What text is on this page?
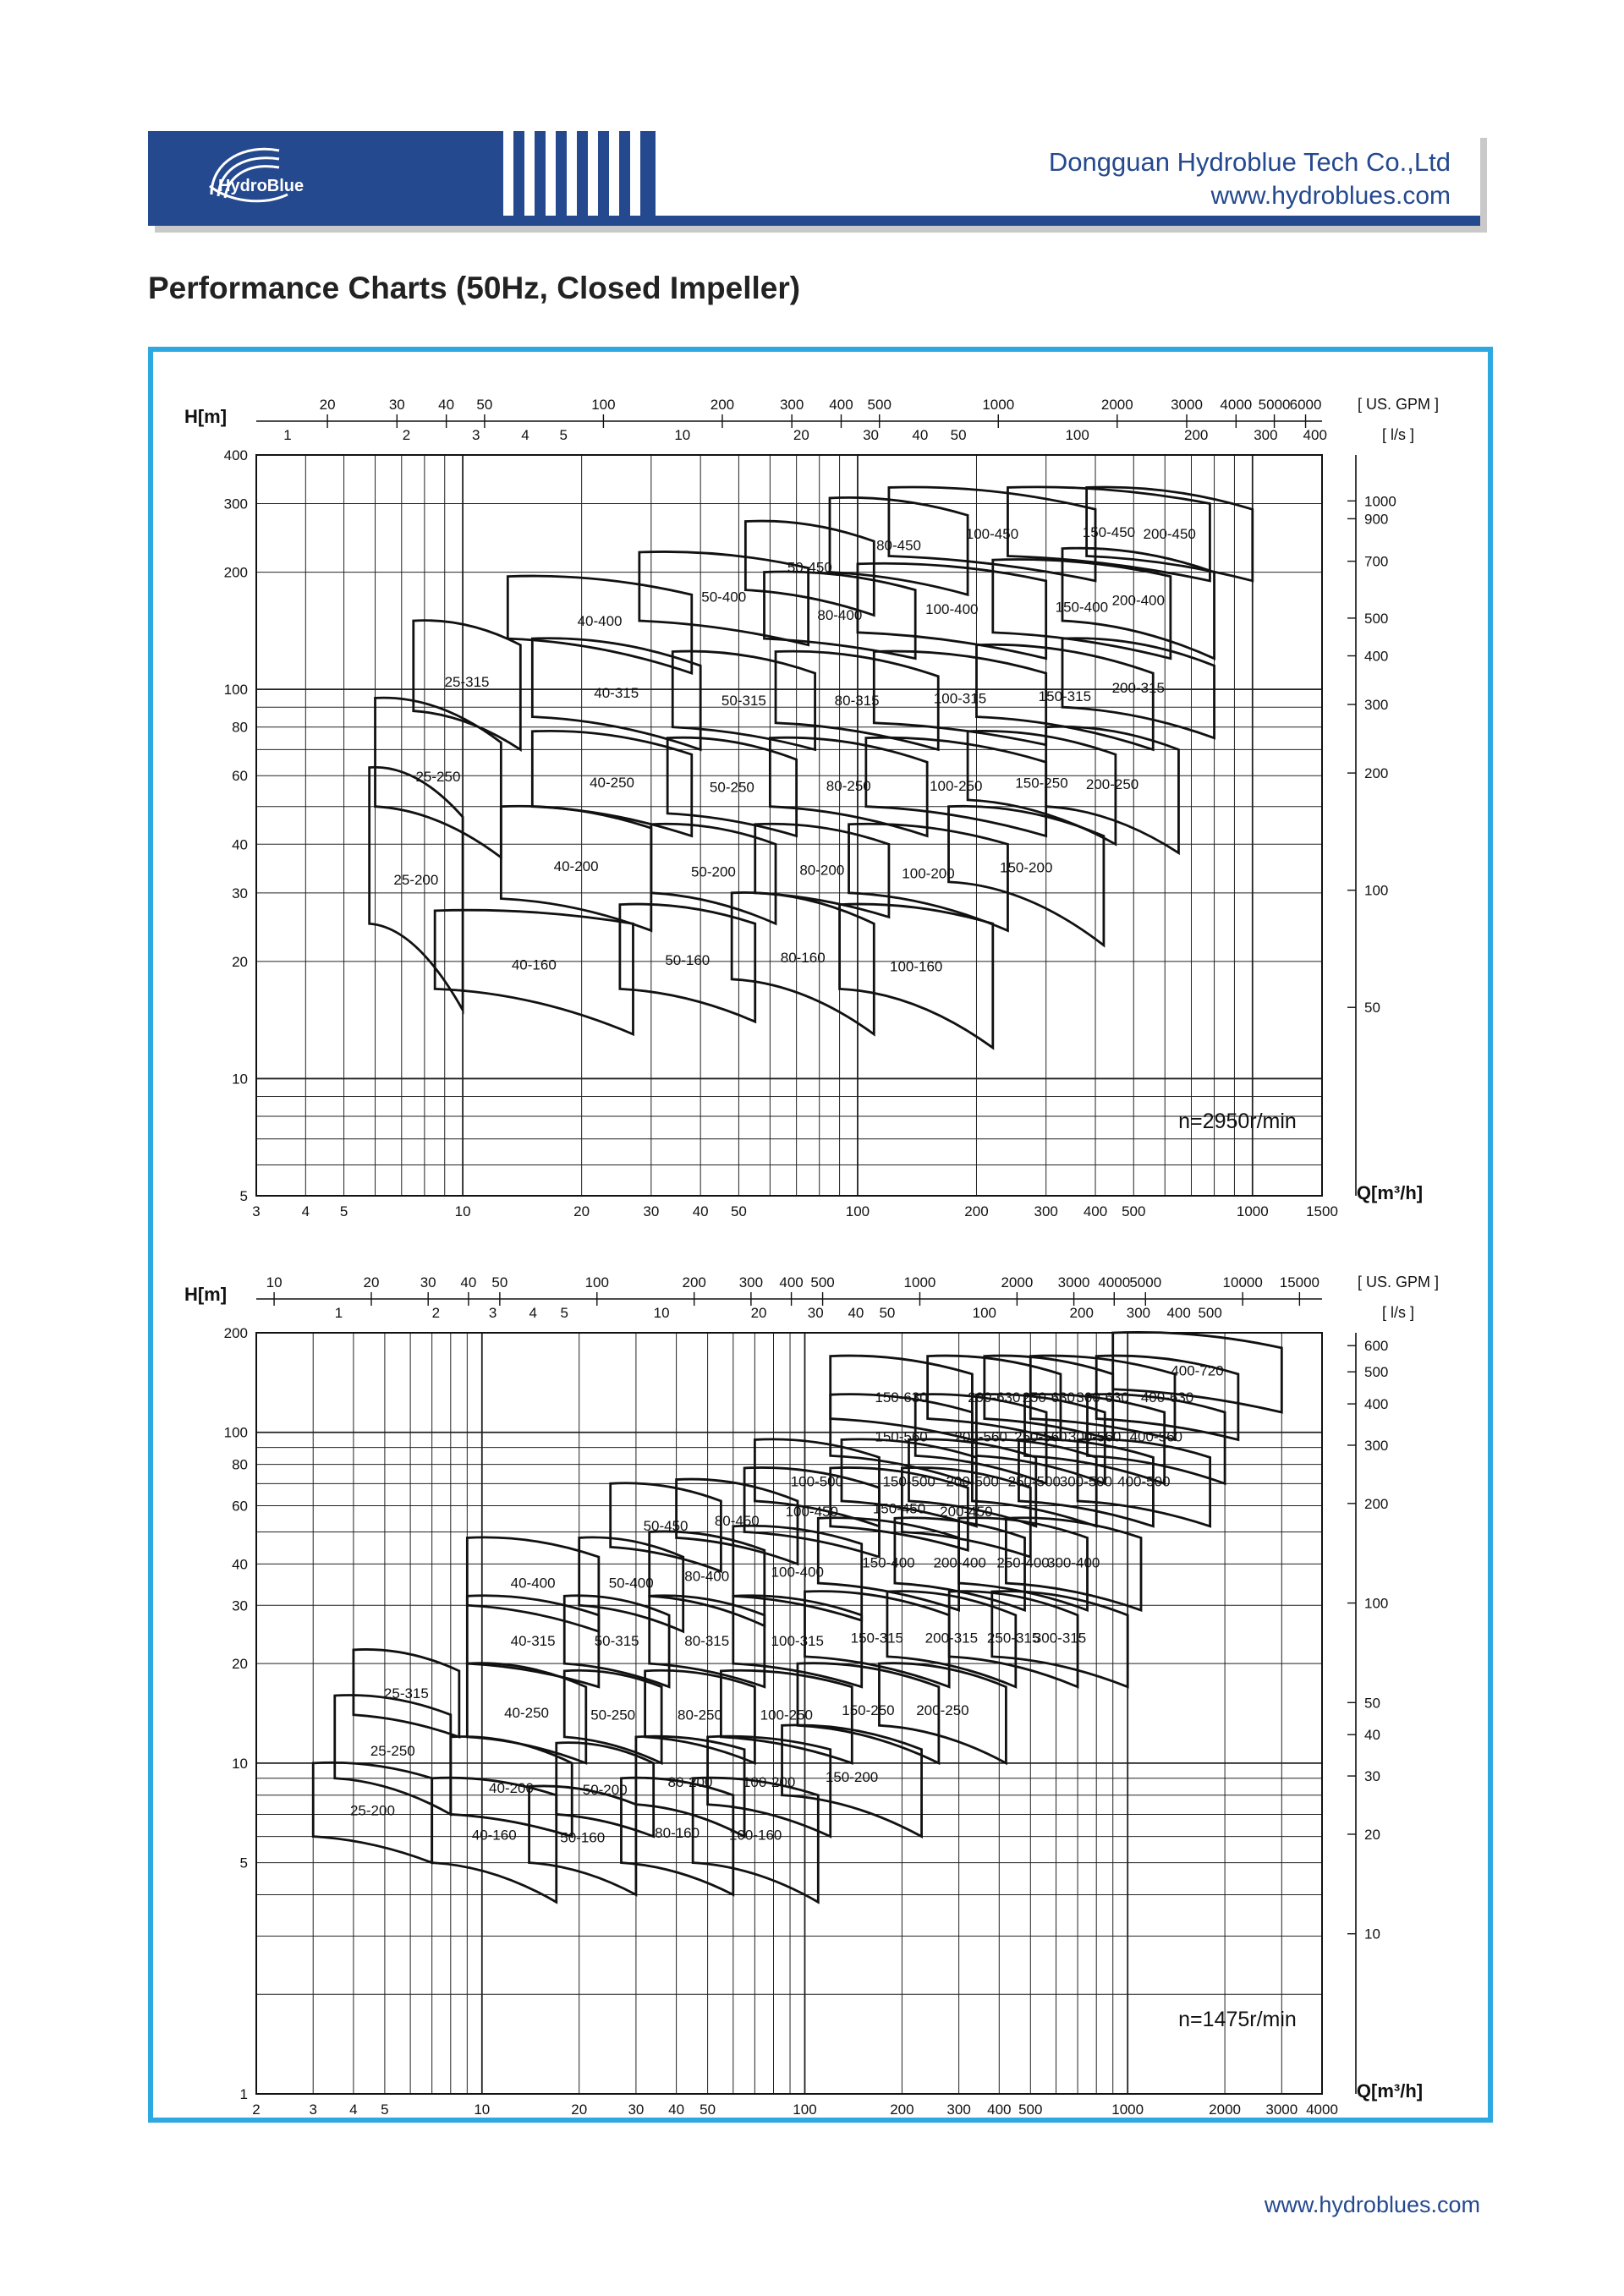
HydroBlue
Dongguan Hydroblue Tech Co.,Ltd
www.hydroblues.com
Performance Charts (50Hz, Closed Impeller)
3	4 5	10	20	30 40 50	100	200	300 400 500	1000	1500
5
10
20
30
40
60
80
100
200
300
400
20	30 40 50	100	200	300 400 500	1000	2000	3000 4000 5000 6000
1	2	3	4 5	10	20	30 40 50	100	200	300 400
[ US. GPM ]
[ l/s ]
1000
900
700
500
400
300
200
100
50
H[m]
Q[m³/h]
n=2950r/min
25-200
25-250
25-315
40-160
40-200
40-250
40-315
40-400
50-160
50-200
50-250
50-315
50-400
50-450
80-160
80-200
80-250
80-315
80-400
80-450
100-160
100-200
100-250
100-315
100-400
100-450
150-200
150-250
150-315
150-400
150-450
200-250
200-315
200-400
200-450
2	3 4 5	10	20	30 40 50	100	200 300 400 500	1000	2000 3000 4000
1
5
10
20
30
40
60
80
100
200
10	20	30 40 50	100	200 300 400 500	1000	2000 3000 4000 5000	10000 15000
1	2	3 4 5	10	20	30 40 50	100	200 300 400 500
[ US. GPM ]
[ l/s ]
600
500
400
300
200
100
50
40
30
20
10
H[m]
Q[m³/h]
n=1475r/min
25-200
25-250
25-315
40-160
40-200
40-250
40-315
40-400
50-160
50-200
50-250
50-315
50-400
50-450
80-160
80-200
80-250
80-315
80-400
80-450
100-160
100-200
100-250
100-315
100-400
100-450
100-500
150-200
150-250
150-315
150-400
150-450
150-500
150-560
150-630
200-250
200-315
200-400
200-450
200-500
200-560
200-630
250-315
250-400
250-500
250-560
250-630
300-315
300-400
300-500
300-560
300-630
400-500
400-560
400-630
400-720
www.hydroblues.com
